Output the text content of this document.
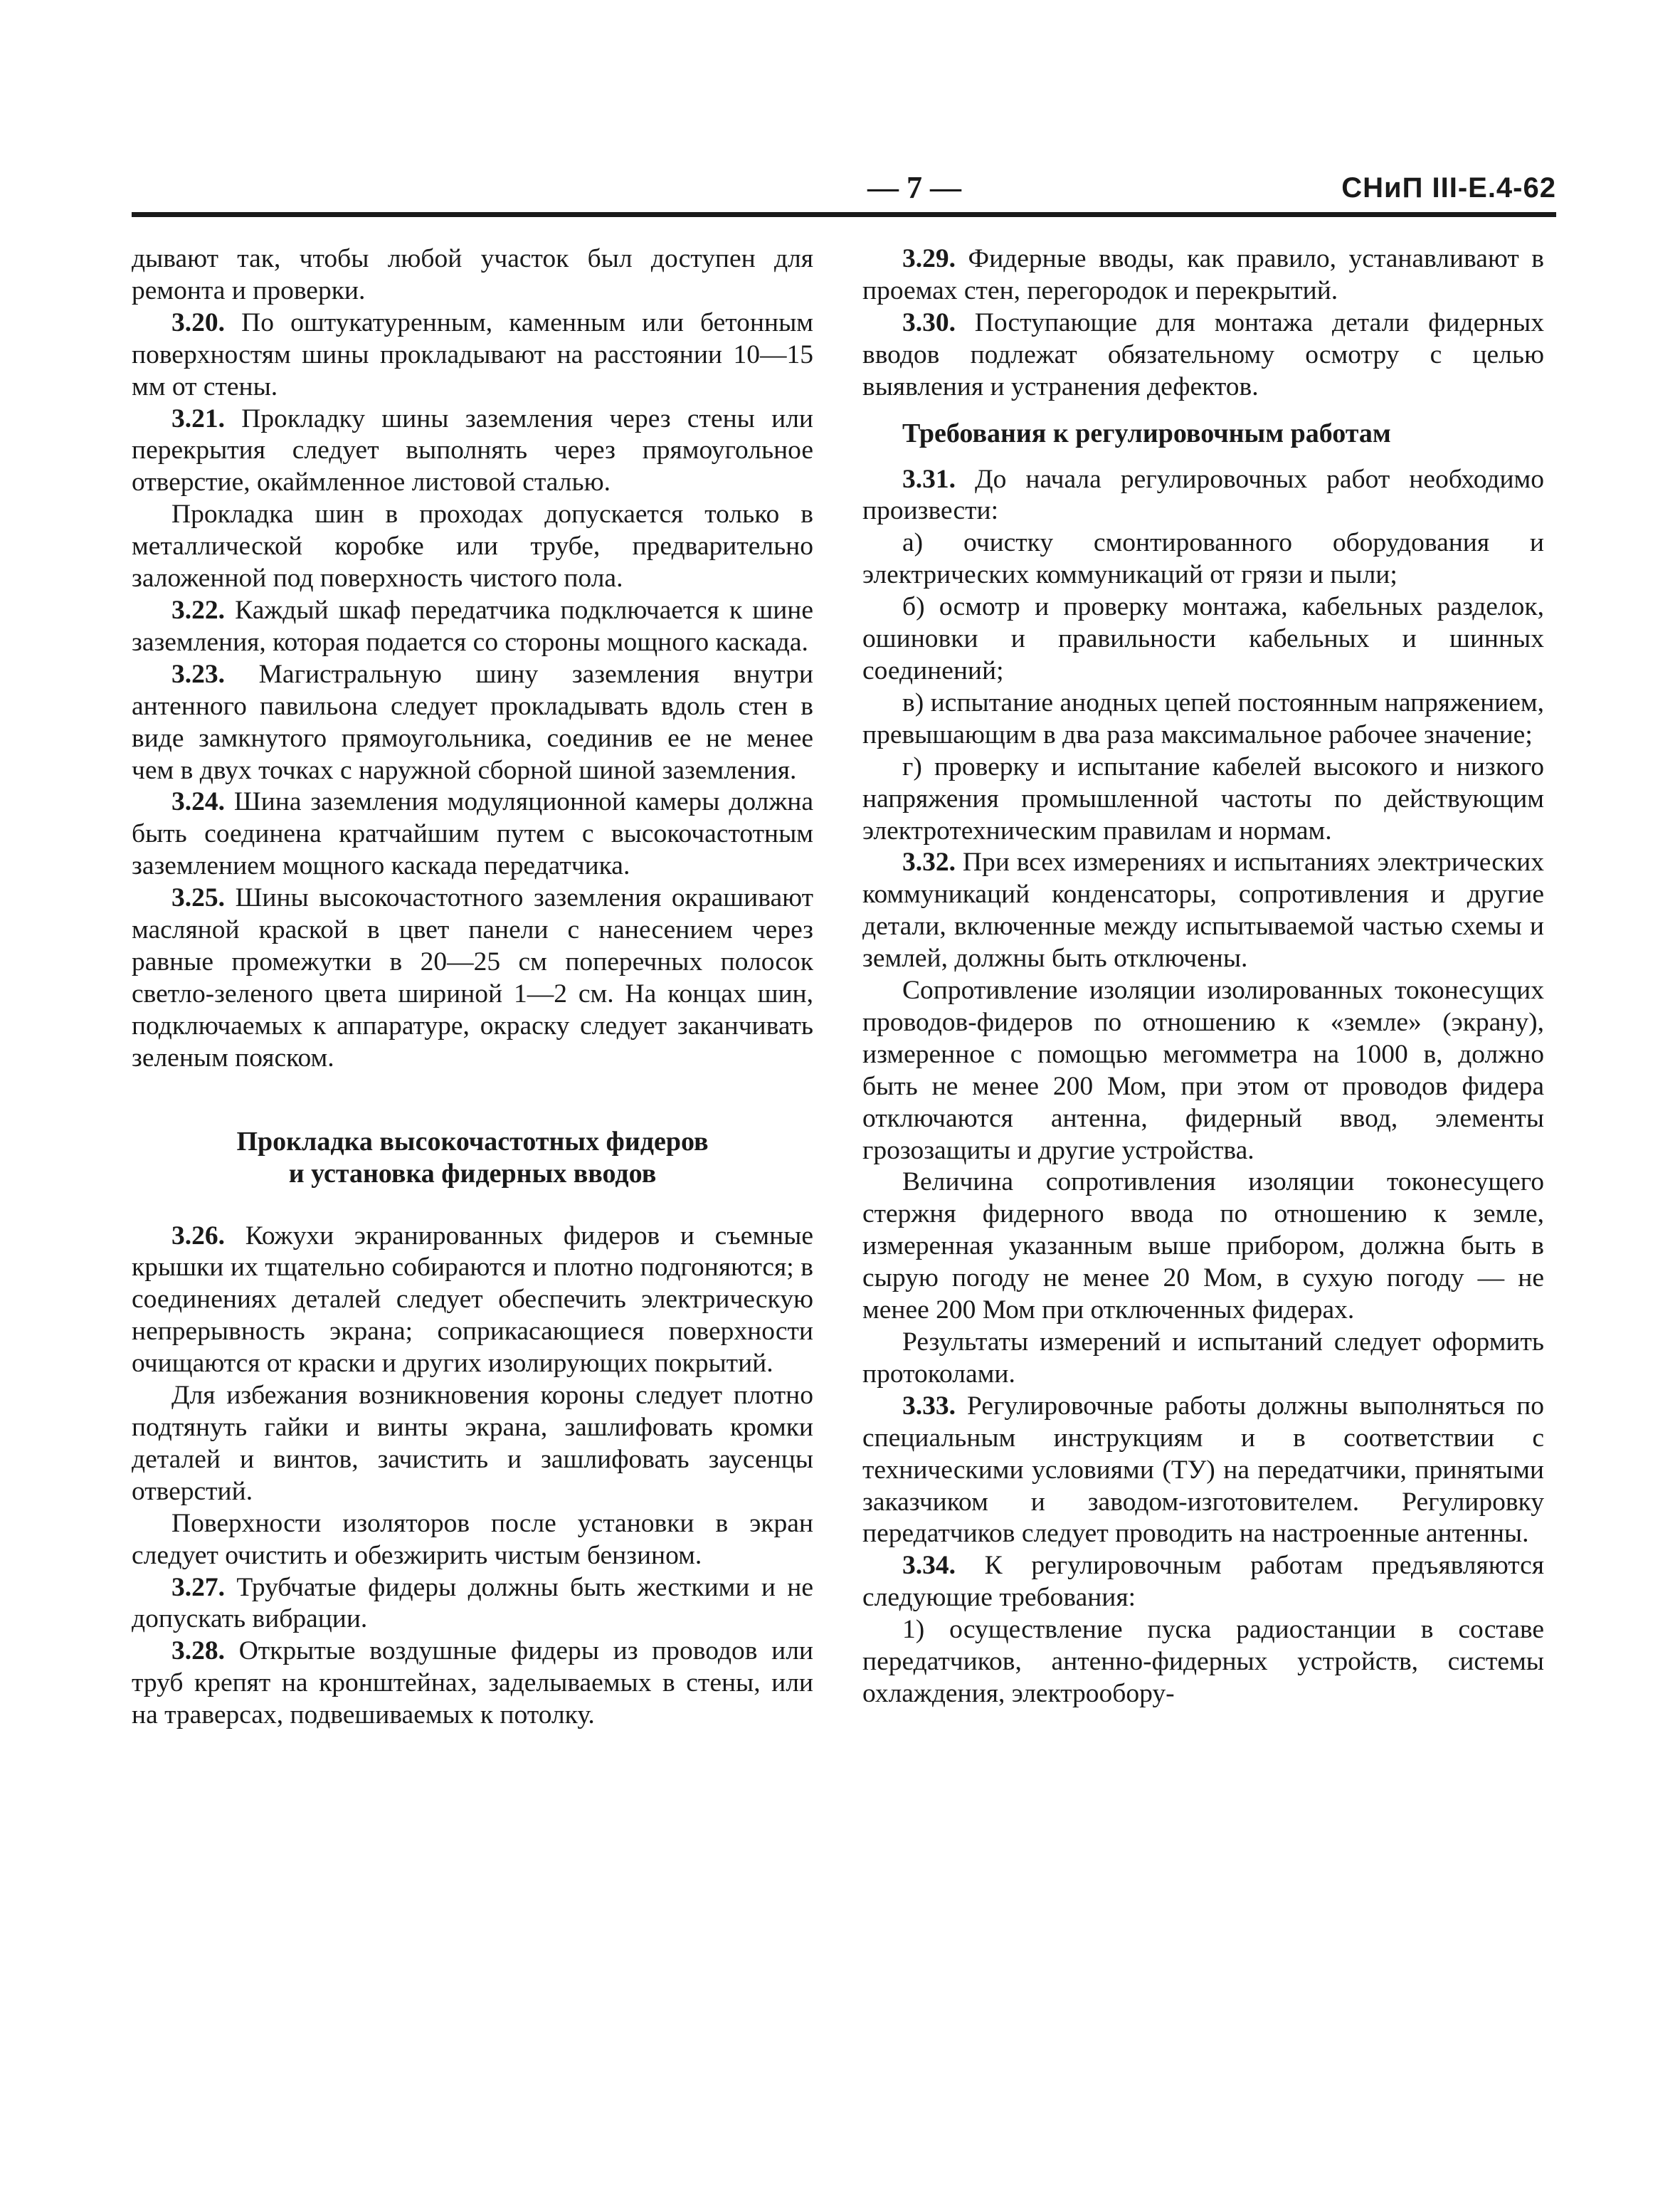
— 7 —	СНиП III-Е.4-62

дывают так, чтобы любой участок был доступен для ремонта и проверки.

3.20. По оштукатуренным, каменным или бетонным поверхностям шины прокладывают на расстоянии 10—15 мм от стены.

3.21. Прокладку шины заземления через стены или перекрытия следует выполнять через прямоугольное отверстие, окаймленное листовой сталью.

Прокладка шин в проходах допускается только в металлической коробке или трубе, предварительно заложенной под поверхность чистого пола.

3.22. Каждый шкаф передатчика подключается к шине заземления, которая подается со стороны мощного каскада.

3.23. Магистральную шину заземления внутри антенного павильона следует прокладывать вдоль стен в виде замкнутого прямоугольника, соединив ее не менее чем в двух точках с наружной сборной шиной заземления.

3.24. Шина заземления модуляционной камеры должна быть соединена кратчайшим путем с высокочастотным заземлением мощного каскада передатчика.

3.25. Шины высокочастотного заземления окрашивают масляной краской в цвет панели с нанесением через равные промежутки в 20—25 см поперечных полосок светло-зеленого цвета шириной 1—2 см. На концах шин, подключаемых к аппаратуре, окраску следует заканчивать зеленым пояском.

Прокладка высокочастотных фидеров
и установка фидерных вводов

3.26. Кожухи экранированных фидеров и съемные крышки их тщательно собираются и плотно подгоняются; в соединениях деталей следует обеспечить электрическую непрерывность экрана; соприкасающиеся поверхности очищаются от краски и других изолирующих покрытий.

Для избежания возникновения короны следует плотно подтянуть гайки и винты экрана, зашлифовать кромки деталей и винтов, зачистить и зашлифовать заусенцы отверстий.

Поверхности изоляторов после установки в экран следует очистить и обезжирить чистым бензином.

3.27. Трубчатые фидеры должны быть жесткими и не допускать вибрации.

3.28. Открытые воздушные фидеры из проводов или труб крепят на кронштейнах, заделываемых в стены, или на траверсах, подвешиваемых к потолку.

3.29. Фидерные вводы, как правило, устанавливают в проемах стен, перегородок и перекрытий.

3.30. Поступающие для монтажа детали фидерных вводов подлежат обязательному осмотру с целью выявления и устранения дефектов.

Требования к регулировочным работам

3.31. До начала регулировочных работ необходимо произвести:

а) очистку смонтированного оборудования и электрических коммуникаций от грязи и пыли;

б) осмотр и проверку монтажа, кабельных разделок, ошиновки и правильности кабельных и шинных соединений;

в) испытание анодных цепей постоянным напряжением, превышающим в два раза максимальное рабочее значение;

г) проверку и испытание кабелей высокого и низкого напряжения промышленной частоты по действующим электротехническим правилам и нормам.

3.32. При всех измерениях и испытаниях электрических коммуникаций конденсаторы, сопротивления и другие детали, включенные между испытываемой частью схемы и землей, должны быть отключены.

Сопротивление изоляции изолированных токонесущих проводов-фидеров по отношению к «земле» (экрану), измеренное с помощью мегомметра на 1000 в, должно быть не менее 200 Мом, при этом от проводов фидера отключаются антенна, фидерный ввод, элементы грозозащиты и другие устройства.

Величина сопротивления изоляции токонесущего стержня фидерного ввода по отношению к земле, измеренная указанным выше прибором, должна быть в сырую погоду не менее 20 Мом, в сухую погоду — не менее 200 Мом при отключенных фидерах.

Результаты измерений и испытаний следует оформить протоколами.

3.33. Регулировочные работы должны выполняться по специальным инструкциям и в соответствии с техническими условиями (ТУ) на передатчики, принятыми заказчиком и заводом-изготовителем. Регулировку передатчиков следует проводить на настроенные антенны.

3.34. К регулировочным работам предъявляются следующие требования:

1) осуществление пуска радиостанции в составе передатчиков, антенно-фидерных устройств, системы охлаждения, электрообору-
